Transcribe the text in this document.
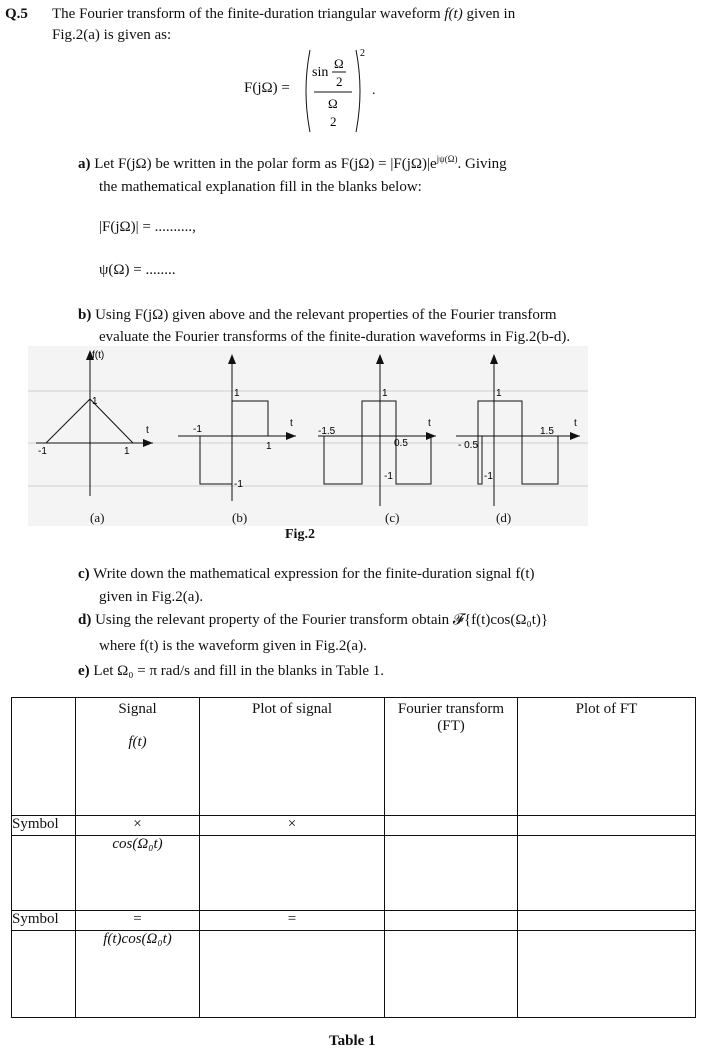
Q.5 The Fourier transform of the finite-duration triangular waveform f(t) given in
Fig.2(a) is given as:
F(jΩ) =
sin
Ω
2
Ω
2
2
.
a) Let F(jΩ) be written in the polar form as $F(j\Omega) = |F(j\Omega)|e^{j\psi(\Omega)}$. Giving
the mathematical explanation fill in the blanks below:
|F(jΩ)| = ..........,
ψ(Ω) = ........
b) Using F(jΩ) given above and the relevant properties of the Fourier transform
evaluate the Fourier transforms of the finite-duration waveforms in Fig.2(b-d).
f(t)
1
-1	1
t
1
-1
1
-1
t
1
-1.5
0.5
-1
t
1
- 0.5
1.5
-1
t
(a)	(b)	(c)	(d)
Fig.2
c) Write down the mathematical expression for the finite-duration signal f(t)
given in Fig.2(a).
d) Using the relevant property of the Fourier transform obtain 𝓕{f(t)cos(Ω₀t)}
where f(t) is the waveform given in Fig.2(a).
e) Let Ω₀ = π rad/s and fill in the blanks in Table 1.

	Signal
f(t)	Plot of signal	Fourier transform (FT)	Plot of FT

Symbol	×	×		
	cos(Ω₀t)			
Symbol	=	=		
	f(t)cos(Ω₀t)			
Table 1
